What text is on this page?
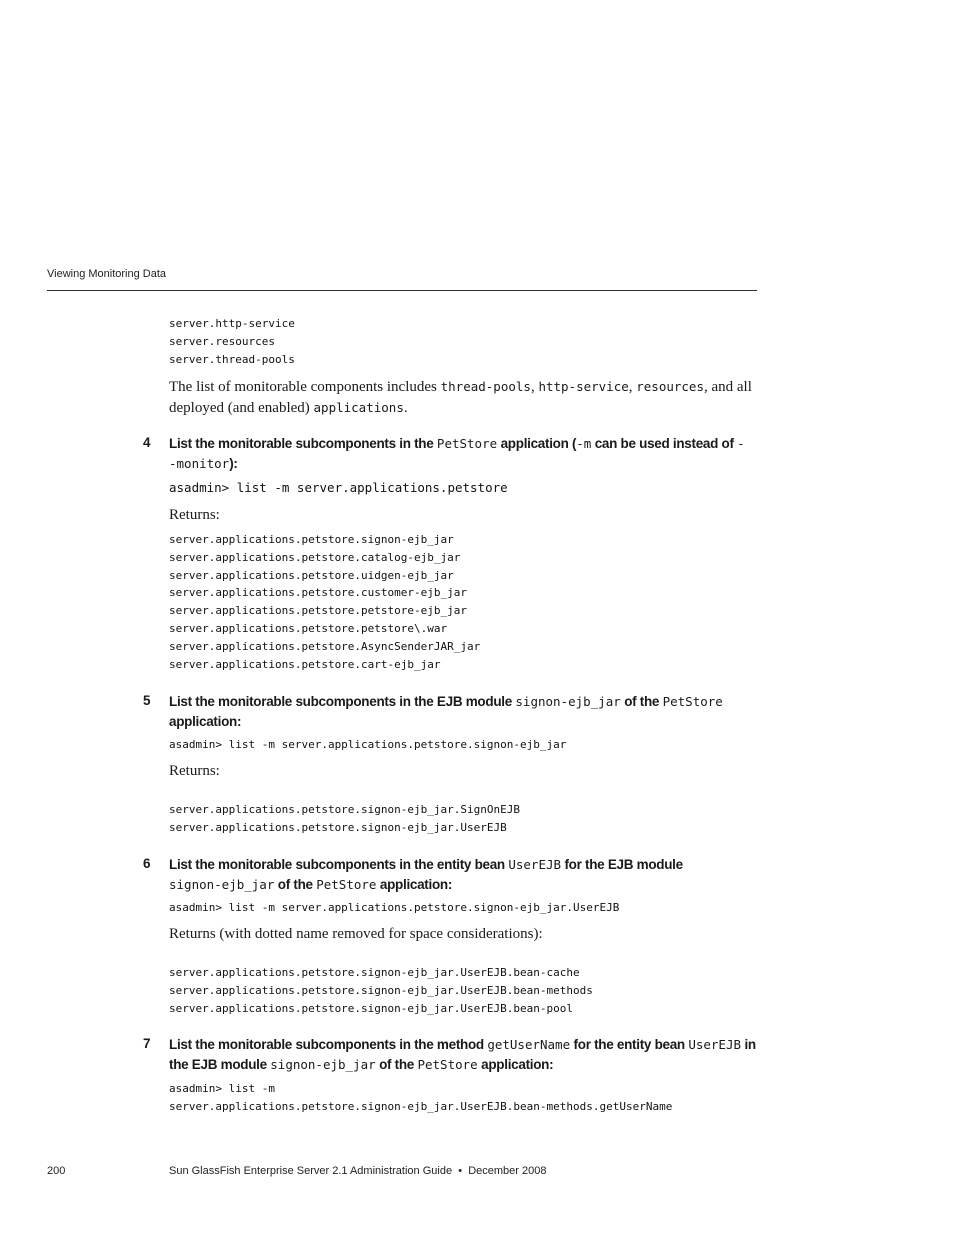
Viewing Monitoring Data
server.http-service
server.resources
server.thread-pools

The list of monitorable components includes thread-pools, http-service, resources, and all deployed (and enabled) applications.

4 List the monitorable subcomponents in the PetStore application (-m can be used instead of --monitor):

asadmin> list -m server.applications.petstore

Returns:

server.applications.petstore.signon-ejb_jar
server.applications.petstore.catalog-ejb_jar
server.applications.petstore.uidgen-ejb_jar
server.applications.petstore.customer-ejb_jar
server.applications.petstore.petstore-ejb_jar
server.applications.petstore.petstore\.war
server.applications.petstore.AsyncSenderJAR_jar
server.applications.petstore.cart-ejb_jar
5 List the monitorable subcomponents in the EJB module signon-ejb_jar of the PetStore application:

asadmin> list -m server.applications.petstore.signon-ejb_jar

Returns:

server.applications.petstore.signon-ejb_jar.SignOnEJB
server.applications.petstore.signon-ejb_jar.UserEJB
6 List the monitorable subcomponents in the entity bean UserEJB for the EJB module signon-ejb_jar of the PetStore application:

asadmin> list -m server.applications.petstore.signon-ejb_jar.UserEJB

Returns (with dotted name removed for space considerations):

server.applications.petstore.signon-ejb_jar.UserEJB.bean-cache
server.applications.petstore.signon-ejb_jar.UserEJB.bean-methods
server.applications.petstore.signon-ejb_jar.UserEJB.bean-pool
7 List the monitorable subcomponents in the method getUserName for the entity bean UserEJB in the EJB module signon-ejb_jar of the PetStore application:

asadmin> list -m
server.applications.petstore.signon-ejb_jar.UserEJB.bean-methods.getUserName
200	Sun GlassFish Enterprise Server 2.1 Administration Guide • December 2008
